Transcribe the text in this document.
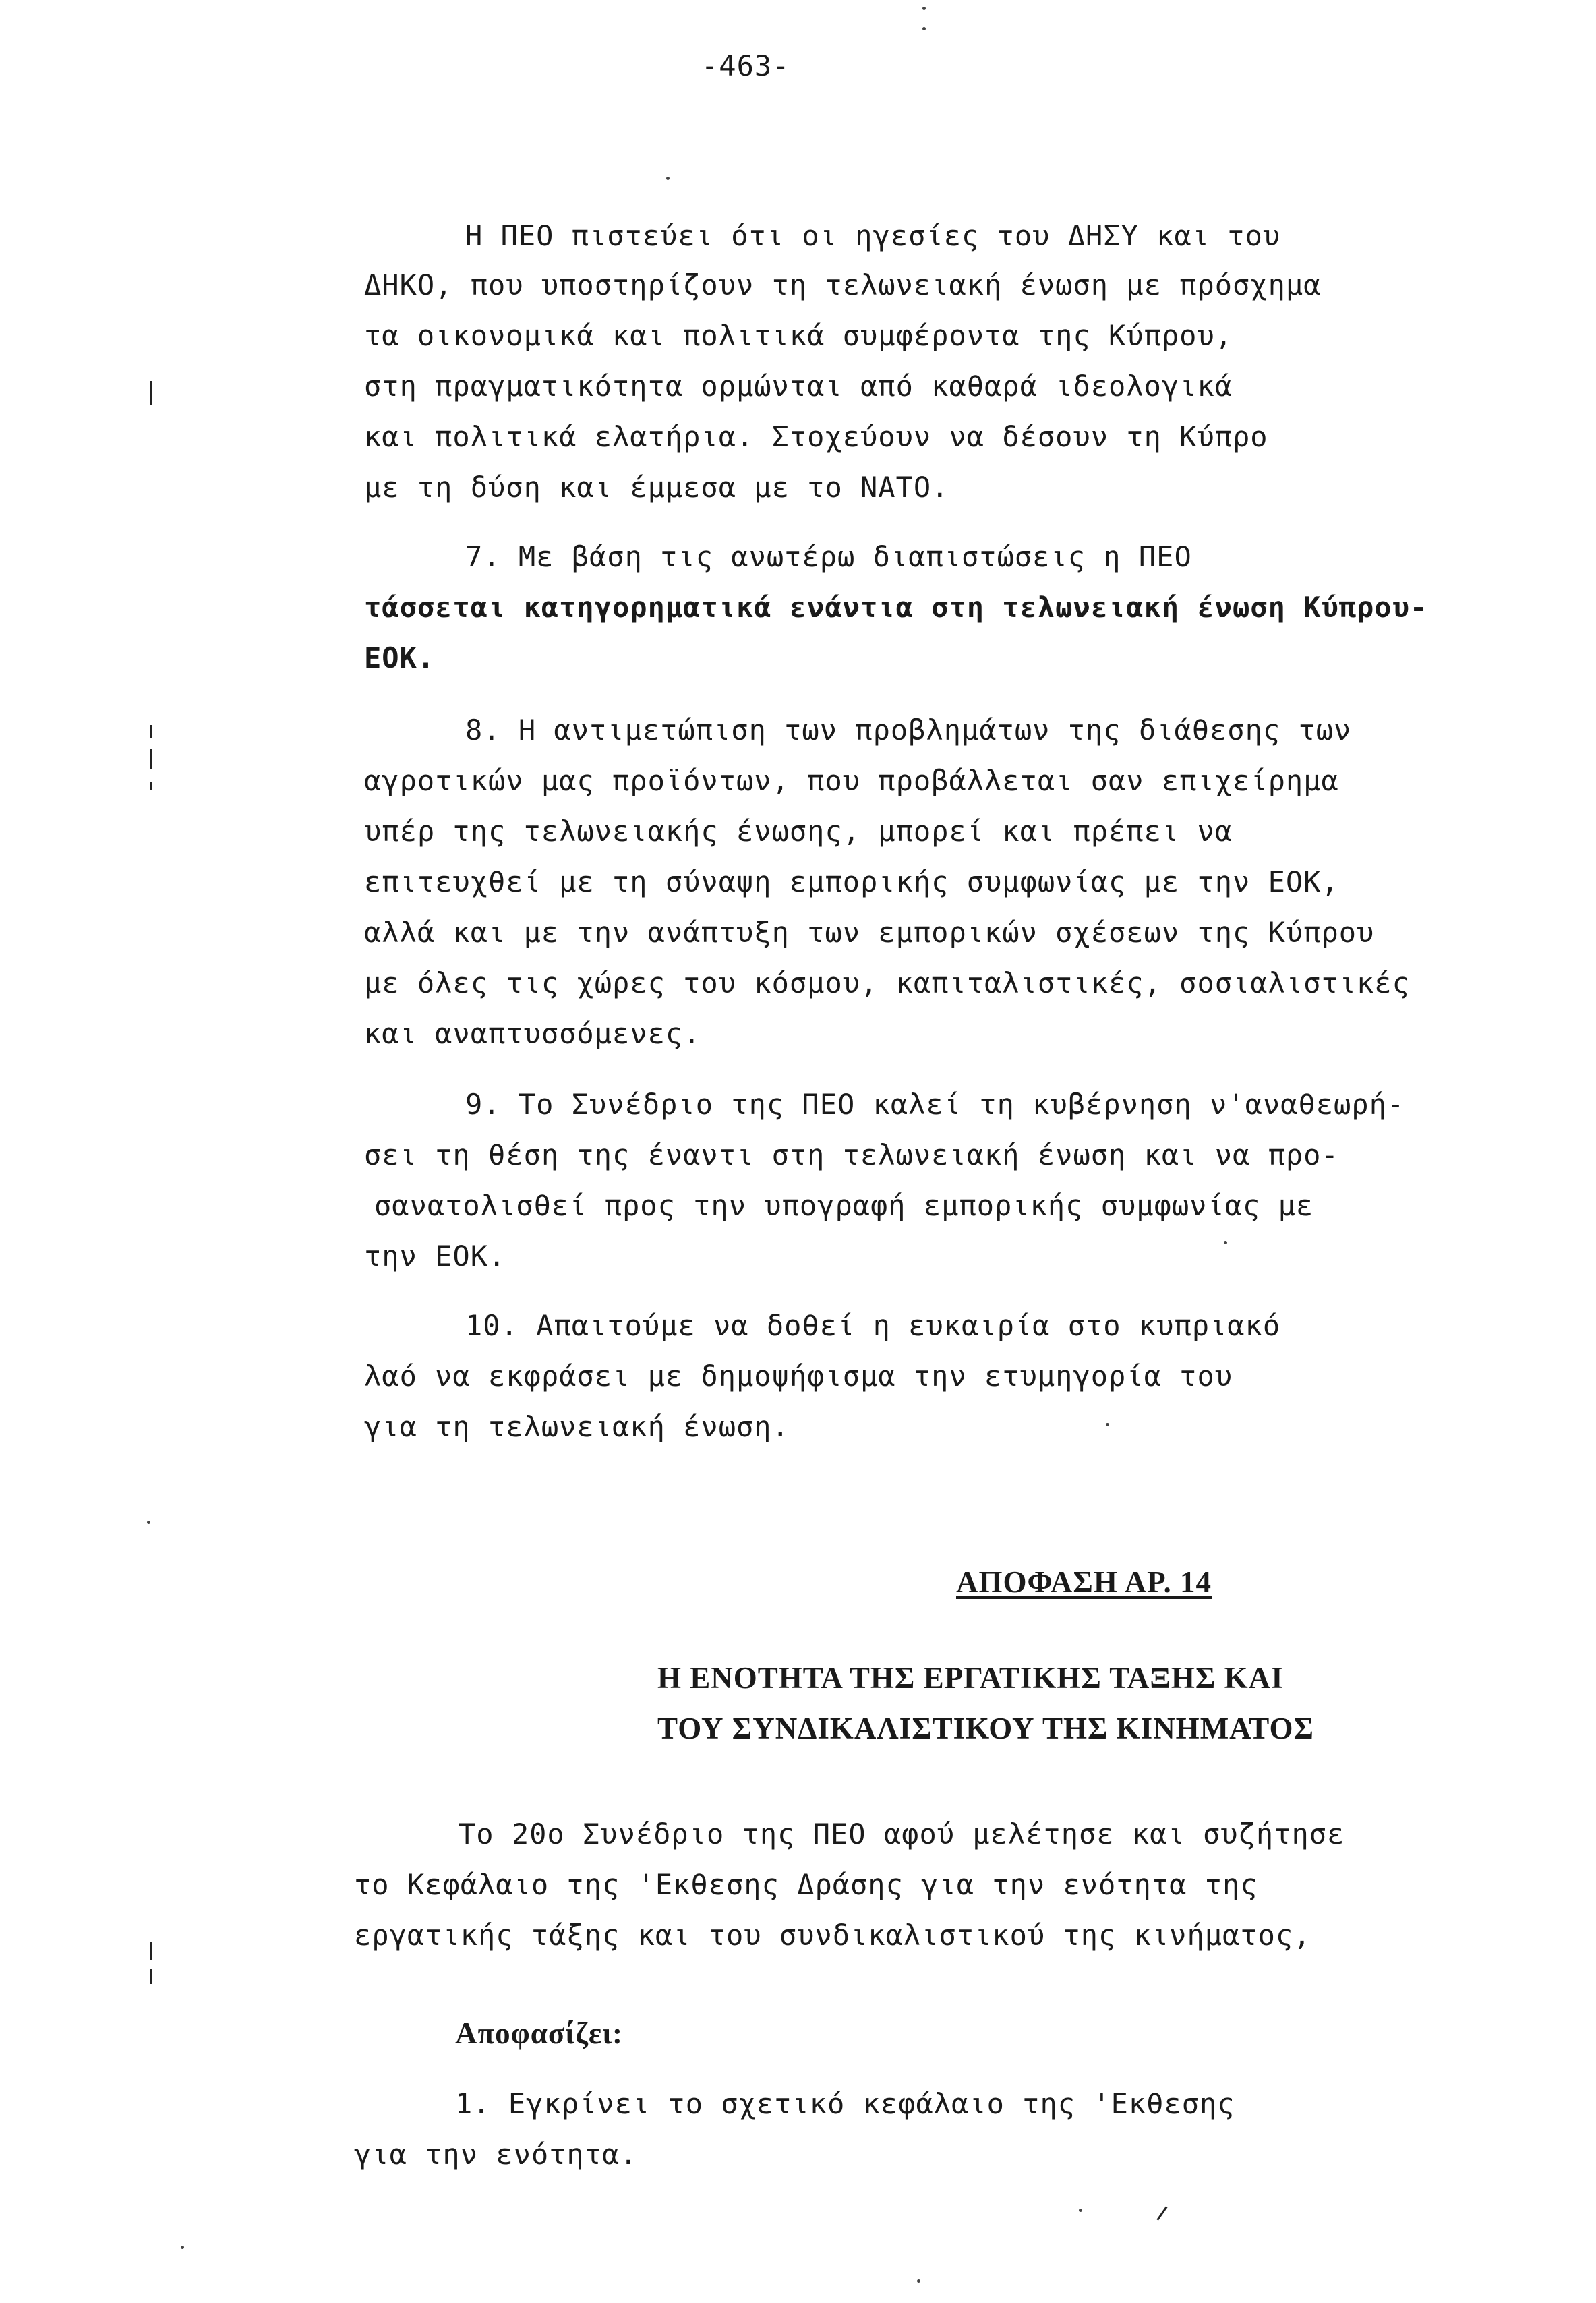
-463-
Η ΠΕΟ πιστεύει ότι οι ηγεσίες του ΔΗΣΥ και του
ΔΗΚΟ, που υποστηρίζουν τη τελωνειακή ένωση με πρόσχημα
τα οικονομικά και πολιτικά συμφέροντα της Κύπρου,
στη πραγματικότητα ορμώνται από καθαρά ιδεολογικά
και πολιτικά ελατήρια. Στοχεύουν να δέσουν τη Κύπρο
με τη δύση και έμμεσα με το ΝΑΤΟ.
7. Με βάση τις ανωτέρω διαπιστώσεις η ΠΕΟ
τάσσεται κατηγορηματικά ενάντια στη τελωνειακή ένωση Κύπρου-
ΕΟΚ.
8. Η αντιμετώπιση των προβλημάτων της διάθεσης των
αγροτικών μας προϊόντων, που προβάλλεται σαν επιχείρημα
υπέρ της τελωνειακής ένωσης, μπορεί και πρέπει να
επιτευχθεί με τη σύναψη εμπορικής συμφωνίας με την ΕΟΚ,
αλλά και με την ανάπτυξη των εμπορικών σχέσεων της Κύπρου
με όλες τις χώρες του κόσμου, καπιταλιστικές, σοσιαλιστικές
και αναπτυσσόμενες.
9. Το Συνέδριο της ΠΕΟ καλεί τη κυβέρνηση ν'αναθεωρή-
σει τη θέση της έναντι στη τελωνειακή ένωση και να προ-
σανατολισθεί προς την υπογραφή εμπορικής συμφωνίας με
την ΕΟΚ.
10. Απαιτούμε να δοθεί η ευκαιρία στο κυπριακό
λαό να εκφράσει με δημοψήφισμα την ετυμηγορία του
για τη τελωνειακή ένωση.
ΑΠΟΦΑΣΗ ΑΡ. 14
Η ΕΝΟΤΗΤΑ ΤΗΣ ΕΡΓΑΤΙΚΗΣ ΤΑΞΗΣ ΚΑΙ
ΤΟΥ ΣΥΝΔΙΚΑΛΙΣΤΙΚΟΥ ΤΗΣ ΚΙΝΗΜΑΤΟΣ
Το 20ο Συνέδριο της ΠΕΟ αφού μελέτησε και συζήτησε
το Κεφάλαιο της 'Εκθεσης Δράσης για την ενότητα της
εργατικής τάξης και του συνδικαλιστικού της κινήματος,
Αποφασίζει:
1. Εγκρίνει το σχετικό κεφάλαιο της 'Εκθεσης
για την ενότητα.
